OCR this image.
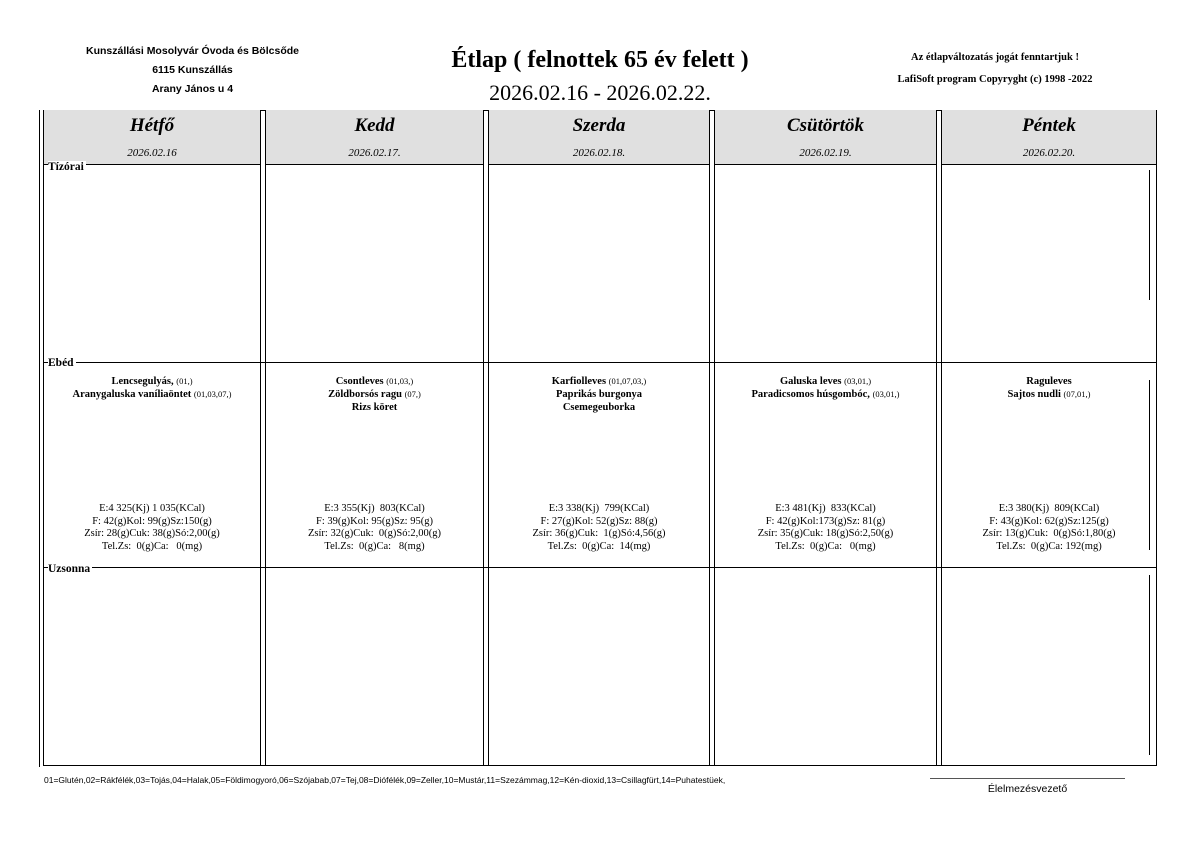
Kunszállási Mosolyvár Óvoda és Bölcsőde
6115 Kunszállás
Arany János u 4
Étlap ( felnottek 65 év felett )
2026.02.16 - 2026.02.22.
Az étlapváltozatás jogát fenntartjuk !
LafiSoft program Copyryght (c) 1998 -2022
Hétfő
2026.02.16
Kedd
2026.02.17.
Szerda
2026.02.18.
Csütörtök
2026.02.19.
Péntek
2026.02.20.
Tízórai
Ebéd
Uzsonna
Lencsegulyás, (01,)
Aranygaluska vaníliaöntet (01,03,07,)
Csontleves (01,03,)
Zöldborsós ragu (07,)
Rizs köret
Karfiolleves (01,07,03,)
Paprikás burgonya
Csemegeuborka
Galuska leves (03,01,)
Paradicsomos húsgombóc, (03,01,)
Raguleves
Sajtos nudli (07,01,)
E:4 325(Kj) 1 035(KCal)
F: 42(g)Kol: 99(g)Sz:150(g)
Zsír: 28(g)Cuk: 38(g)Só:2,00(g)
Tel.Zs:  0(g)Ca:   0(mg)
E:3 355(Kj)  803(KCal)
F: 39(g)Kol: 95(g)Sz: 95(g)
Zsír: 32(g)Cuk:  0(g)Só:2,00(g)
Tel.Zs:  0(g)Ca:   8(mg)
E:3 338(Kj)  799(KCal)
F: 27(g)Kol: 52(g)Sz: 88(g)
Zsír: 36(g)Cuk:  1(g)Só:4,56(g)
Tel.Zs:  0(g)Ca:  14(mg)
E:3 481(Kj)  833(KCal)
F: 42(g)Kol:173(g)Sz: 81(g)
Zsír: 35(g)Cuk: 18(g)Só:2,50(g)
Tel.Zs:  0(g)Ca:   0(mg)
E:3 380(Kj)  809(KCal)
F: 43(g)Kol: 62(g)Sz:125(g)
Zsír: 13(g)Cuk:  0(g)Só:1,80(g)
Tel.Zs:  0(g)Ca: 192(mg)
01=Glutén,02=Rákfélék,03=Tojás,04=Halak,05=Földimogyoró,06=Szójabab,07=Tej,08=Diófélék,09=Zeller,10=Mustár,11=Szezámmag,12=Kén-dioxid,13=Csillagfürt,14=Puhatestüek,
Élelmezésvezető
